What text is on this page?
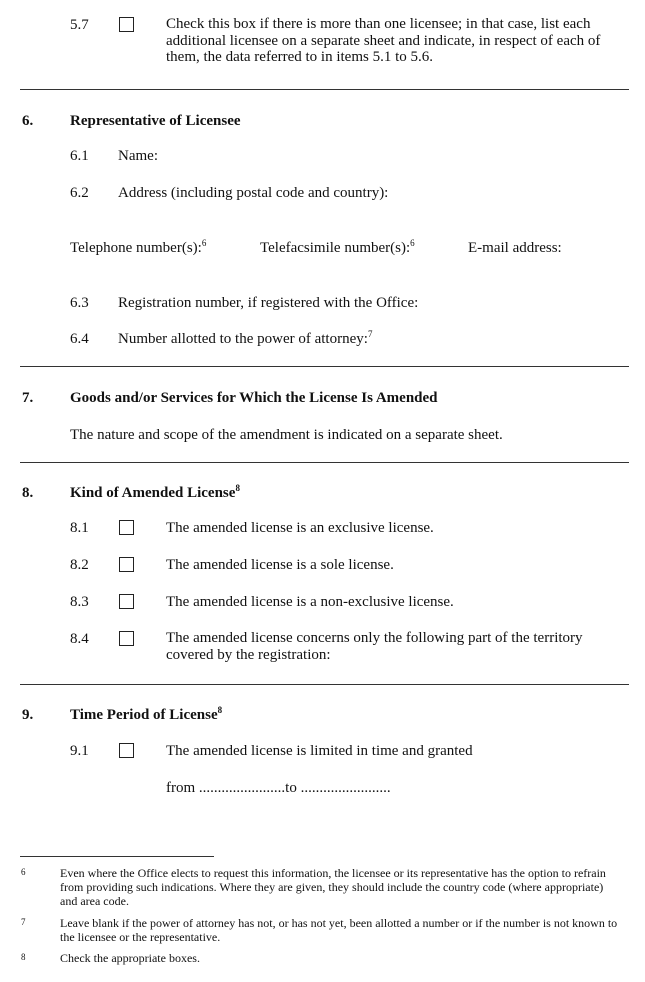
5.7	Check this box if there is more than one licensee; in that case, list each additional licensee on a separate sheet and indicate, in respect of each of them, the data referred to in items 5.1 to 5.6.
6. Representative of Licensee
6.1 Name:
6.2 Address (including postal code and country):
Telephone number(s):$^6$	Telefacsimile number(s):$^6$	E-mail address:
6.3 Registration number, if registered with the Office:
6.4 Number allotted to the power of attorney:$^7$
7. Goods and/or Services for Which the License Is Amended
The nature and scope of the amendment is indicated on a separate sheet.
8. Kind of Amended License$^8$
8.1	The amended license is an exclusive license.
8.2	The amended license is a sole license.
8.3	The amended license is a non-exclusive license.
8.4	The amended license concerns only the following part of the territory covered by the registration:
9. Time Period of License$^8$
9.1	The amended license is limited in time and granted
from .......................to ........................
6	Even where the Office elects to request this information, the licensee or its representative has the option to refrain from providing such indications. Where they are given, they should include the country code (where appropriate) and area code.
7	Leave blank if the power of attorney has not, or has not yet, been allotted a number or if the number is not known to the licensee or the representative.
8	Check the appropriate boxes.
